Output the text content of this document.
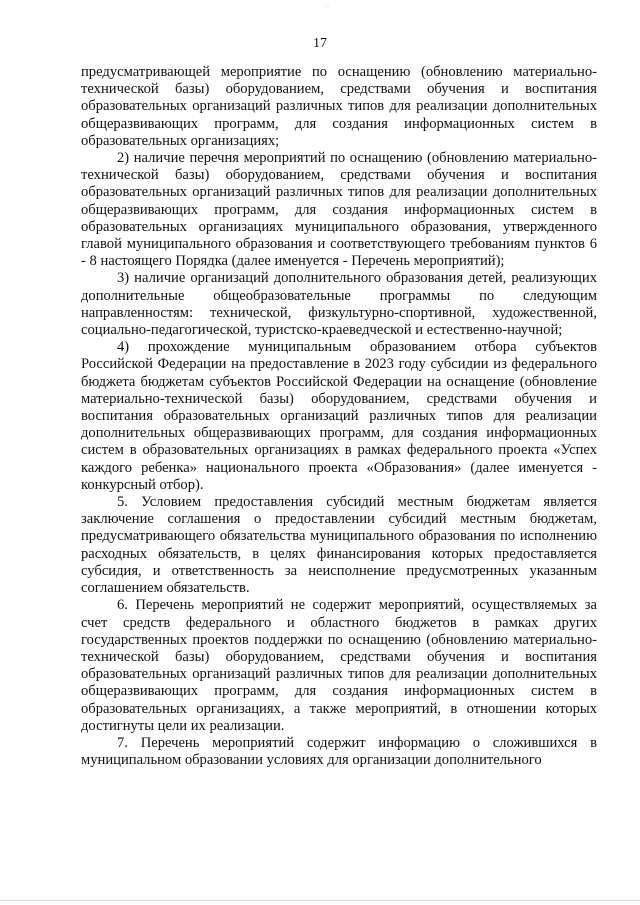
·:·
17

предусматривающей мероприятие по оснащению (обновлению материально-технической базы) оборудованием, средствами обучения и воспитания образовательных организаций различных типов для реализации дополнительных общеразвивающих программ, для создания информационных систем в образовательных организациях;

2) наличие перечня мероприятий по оснащению (обновлению материально-технической базы) оборудованием, средствами обучения и воспитания образовательных организаций различных типов для реализации дополнительных общеразвивающих программ, для создания информационных систем в образовательных организациях муниципального образования, утвержденного главой муниципального образования и соответствующего требованиям пунктов 6 - 8 настоящего Порядка (далее именуется - Перечень мероприятий);

3) наличие организаций дополнительного образования детей, реализующих дополнительные общеобразовательные программы по следующим направленностям: технической, физкультурно-спортивной, художественной, социально-педагогической, туристско-краеведческой и естественно-научной;

4) прохождение муниципальным образованием отбора субъектов Российской Федерации на предоставление в 2023 году субсидии из федерального бюджета бюджетам субъектов Российской Федерации на оснащение (обновление материально-технической базы) оборудованием, средствами обучения и воспитания образовательных организаций различных типов для реализации дополнительных общеразвивающих программ, для создания информационных систем в образовательных организациях в рамках федерального проекта «Успех каждого ребенка» национального проекта «Образования» (далее именуется - конкурсный отбор).

5. Условием предоставления субсидий местным бюджетам является заключение соглашения о предоставлении субсидий местным бюджетам, предусматривающего обязательства муниципального образования по исполнению расходных обязательств, в целях финансирования которых предоставляется субсидия, и ответственность за неисполнение предусмотренных указанным соглашением обязательств.

6. Перечень мероприятий не содержит мероприятий, осуществляемых за счет средств федерального и областного бюджетов в рамках других государственных проектов поддержки по оснащению (обновлению материально-технической базы) оборудованием, средствами обучения и воспитания образовательных организаций различных типов для реализации дополнительных общеразвивающих программ, для создания информационных систем в образовательных организациях, а также мероприятий, в отношении которых достигнуты цели их реализации.

7. Перечень мероприятий содержит информацию о сложившихся в муниципальном образовании условиях для организации дополнительного
